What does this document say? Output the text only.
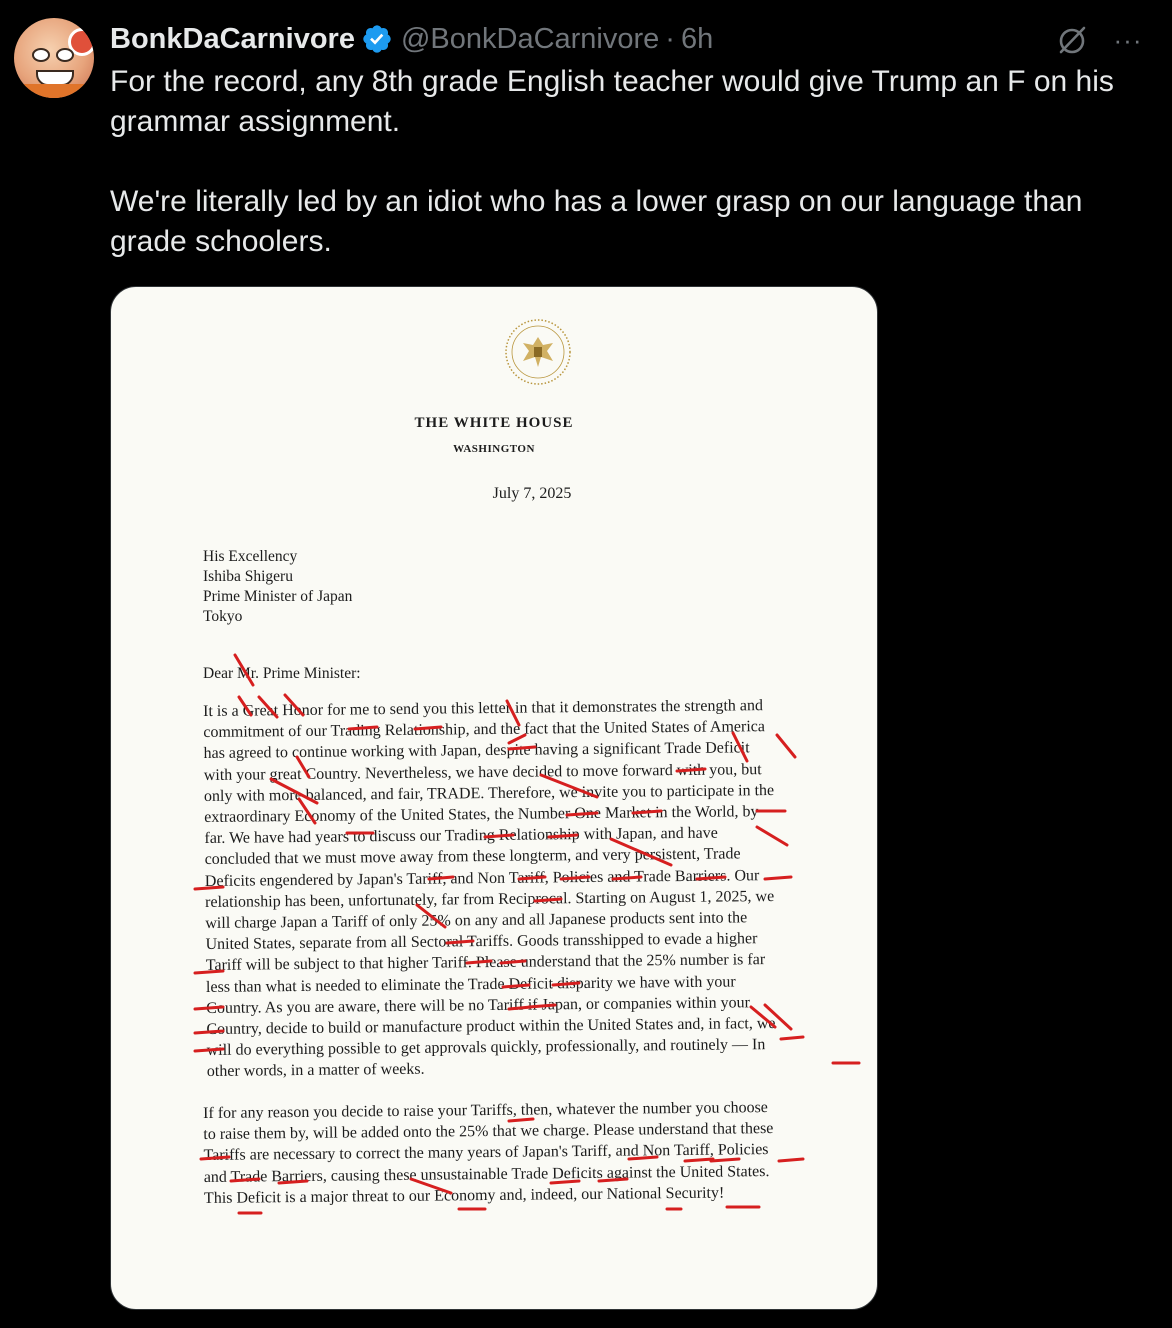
BonkDaCarnivore @BonkDaCarnivore · 6h	···

For the record, any 8th grade English teacher would give Trump an F on his grammar assignment.

We're literally led by an idiot who has a lower grasp on our language than grade schoolers.

THE WHITE HOUSE
WASHINGTON
July 7, 2025
His Excellency
Ishiba Shigeru
Prime Minister of Japan
Tokyo
Dear Mr. Prime Minister:
It is a Great Honor for me to send you this letter in that it demonstrates the strength and
commitment of our Trading Relationship, and the fact that the United States of America
has agreed to continue working with Japan, despite having a significant Trade Deficit
with your great Country. Nevertheless, we have decided to move forward with you, but
only with more balanced, and fair, TRADE. Therefore, we invite you to participate in the
extraordinary Economy of the United States, the Number One Market in the World, by
far. We have had years to discuss our Trading Relationship with Japan, and have
concluded that we must move away from these longterm, and very persistent, Trade
Deficits engendered by Japan's Tariff, and Non Tariff, Policies and Trade Barriers. Our
relationship has been, unfortunately, far from Reciprocal. Starting on August 1, 2025, we
will charge Japan a Tariff of only 25% on any and all Japanese products sent into the
United States, separate from all Sectoral Tariffs. Goods transshipped to evade a higher
Tariff will be subject to that higher Tariff. Please understand that the 25% number is far
less than what is needed to eliminate the Trade Deficit disparity we have with your
Country. As you are aware, there will be no Tariff if Japan, or companies within your
Country, decide to build or manufacture product within the United States and, in fact, we
will do everything possible to get approvals quickly, professionally, and routinely — In
other words, in a matter of weeks.
If for any reason you decide to raise your Tariffs, then, whatever the number you choose
to raise them by, will be added onto the 25% that we charge. Please understand that these
Tariffs are necessary to correct the many years of Japan's Tariff, and Non Tariff, Policies
and Trade Barriers, causing these unsustainable Trade Deficits against the United States.
This Deficit is a major threat to our Economy and, indeed, our National Security!
